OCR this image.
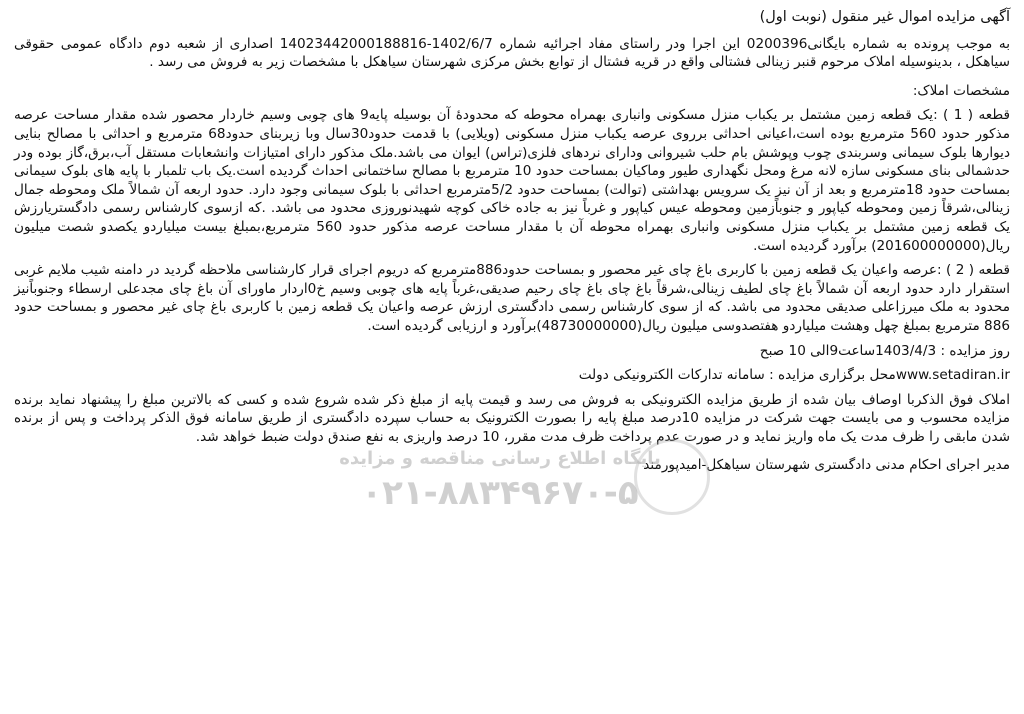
آگهی مزایده اموال غیر منقول (نوبت اول)

به موجب پرونده به شماره بایگانی0200396 این اجرا ودر راستای مفاد اجرائیه شماره 1402/6/7-14023442000188816 اصداری از شعبه دوم دادگاه عمومی حقوقی سیاهکل ، بدینوسیله املاک مرحوم قنبر زینالی فشتالی واقع در قریه فشتال از توابع بخش مرکزی شهرستان سیاهکل با مشخصات زیر به فروش می رسد .

مشخصات املاک:

قطعه ( 1 ) :یک قطعه زمین مشتمل بر یکباب منزل مسکونی وانباری بهمراه محوطه که محدودهٔ آن بوسیله پایه9 های چوبی وسیم خاردار محصور شده مقدار مساحت عرصه مذکور حدود 560 مترمربع بوده است،اعیانی احداثی برروی عرصه یکباب منزل مسکونی (ویلایی) با قدمت حدود30سال وبا زیربنای حدود68 مترمربع و احداثی با مصالح بنایی دیوارها بلوک سیمانی وسربندی چوب وپوشش بام حلب شیروانی ودارای نردهای فلزی(تراس) ایوان می باشد.ملک مذکور دارای امتیازات وانشعابات مستقل آب،برق،گاز بوده ودر حدشمالی بنای مسکونی سازه لانه مرغ ومحل نگهداری طیور وماکیان بمساحت حدود 10 مترمربع با مصالح ساختمانی احداث گردیده است.یک باب تلمبار با پایه های بلوک سیمانی بمساحت حدود 18مترمربع و بعد از آن نیز یک سرویس بهداشتی (توالت) بمساحت حدود 5/2مترمربع احداثی با بلوک سیمانی وجود دارد. حدود اربعه آن شمالاً ملک ومحوطه جمال زینالی،شرقاً زمین ومحوطه کیاپور و جنوباًزمین ومحوطه عیس کیاپور و غرباً نیز به جاده خاکی کوچه شهیدنوروزی محدود می باشد. .که ازسوی کارشناس رسمی دادگستریارزش یک قطعه زمین مشتمل بر یکباب منزل مسکونی وانباری بهمراه محوطه آن با مقدار مساحت عرصه مذکور حدود 560 مترمربع،بمبلغ بیست میلیاردو یکصدو شصت میلیون ریال(201600000000) برآورد گردیده است.

قطعه ( 2 ) :عرصه واعیان یک قطعه زمین با کاربری باغ چای غیر محصور و بمساحت حدود886مترمربع که دریوم اجرای قرار کارشناسی ملاحظه گردید در دامنه شیب ملایم غربی استقرار دارد حدود اربعه آن شمالاً باغ چای لطیف زینالی،شرقاً باغ چای باغ چای رحیم صدیقی،غرباً پایه های چوبی وسیم خ0اردار ماورای آن باغ چای مجدعلی ارسطاء وجنوباًنیز محدود به ملک میرزاعلی صدیقی محدود می باشد. که از سوی کارشناس رسمی دادگستری ارزش عرصه واعیان یک قطعه زمین با کاربری باغ چای غیر محصور و بمساحت حدود 886 مترمربع بمبلغ چهل وهشت میلیاردو هفتصدوسی میلیون ریال(48730000000)برآورد و ارزیابی گردیده است.

روز مزایده : 1403/4/3ساعت9الی 10 صبح

www.setadiran.irمحل برگزاری مزایده : سامانه تدارکات الکترونیکی دولت

املاک فوق الذکربا اوصاف بیان شده از طریق مزایده الکترونیکی به فروش می رسد و قیمت پایه از مبلغ ذکر شده شروع شده و کسی که بالاترین مبلغ را پیشنهاد نماید برنده مزایده محسوب و می بایست جهت شرکت در مزایده 10درصد مبلغ پایه را بصورت الکترونیک به حساب سپرده دادگستری از طریق سامانه فوق الذکر پرداخت و پس از برنده شدن مابقی را ظرف مدت یک ماه واریز نماید و در صورت عدم پرداخت ظرف مدت مقرر، 10 درصد واریزی به نفع صندق دولت ضبط خواهد شد.

مدیر اجرای احکام مدنی دادگستری شهرستان سیاهکل-امیدپورمند

پایگاه اطلاع رسانی مناقصه و مزایده
۰۲۱-۸۸۳۴۹۶۷۰-۵
